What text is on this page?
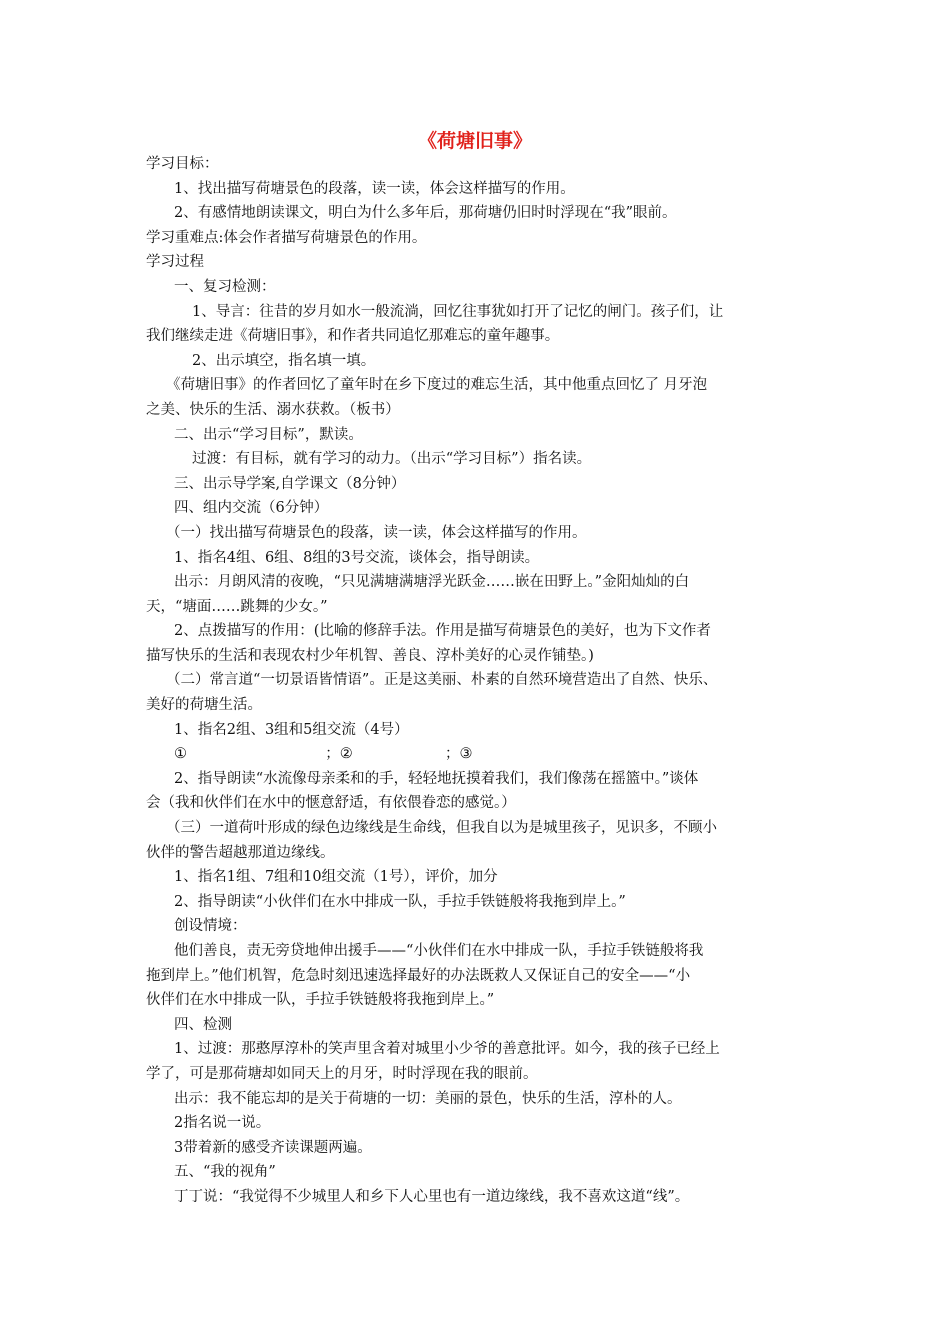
《荷塘旧事》
学习目标：
1、找出描写荷塘景色的段落，读一读，体会这样描写的作用。
2、有感情地朗读课文，明白为什么多年后，那荷塘仍旧时时浮现在“我”眼前。
学习重难点:体会作者描写荷塘景色的作用。
学习过程
一、复习检测：
1、导言：往昔的岁月如水一般流淌，回忆往事犹如打开了记忆的闸门。孩子们，让
我们继续走进《荷塘旧事》，和作者共同追忆那难忘的童年趣事。
2、出示填空，指名填一填。
《荷塘旧事》的作者回忆了童年时在乡下度过的难忘生活，其中他重点回忆了 月牙泡
之美、快乐的生活、溺水获救。（板书）
二、出示“学习目标”，默读。
过渡：有目标，就有学习的动力。（出示“学习目标”）指名读。
三、出示导学案,自学课文（8分钟）
四、组内交流（6分钟）
（一）找出描写荷塘景色的段落，读一读，体会这样描写的作用。
1、指名4组、6组、8组的3号交流，谈体会，指导朗读。
出示：月朗风清的夜晚，“只见满塘满塘浮光跃金……嵌在田野上。”金阳灿灿的白
天，“塘面……跳舞的少女。”
2、点拨描写的作用：(比喻的修辞手法。作用是描写荷塘景色的美好，也为下文作者
描写快乐的生活和表现农村少年机智、善良、淳朴美好的心灵作铺垫。)
（二）常言道“一切景语皆情语”。正是这美丽、朴素的自然环境营造出了自然、快乐、
美好的荷塘生活。
1、指名2组、3组和5组交流（4号）
①                              ；②                    ；③
2、指导朗读“水流像母亲柔和的手，轻轻地抚摸着我们，我们像荡在摇篮中。”谈体
会（我和伙伴们在水中的惬意舒适，有依偎眷恋的感觉。）
（三）一道荷叶形成的绿色边缘线是生命线，但我自以为是城里孩子，见识多，不顾小
伙伴的警告超越那道边缘线。
1、指名1组、7组和10组交流（1号），评价，加分
2、指导朗读“小伙伴们在水中排成一队，手拉手铁链般将我拖到岸上。”
创设情境：
他们善良，责无旁贷地伸出援手——“小伙伴们在水中排成一队，手拉手铁链般将我
拖到岸上。”他们机智，危急时刻迅速选择最好的办法既救人又保证自己的安全——“小
伙伴们在水中排成一队，手拉手铁链般将我拖到岸上。”
四、检测
1、过渡：那憨厚淳朴的笑声里含着对城里小少爷的善意批评。如今，我的孩子已经上
学了，可是那荷塘却如同天上的月牙，时时浮现在我的眼前。
出示：我不能忘却的是关于荷塘的一切：美丽的景色，快乐的生活，淳朴的人。
2指名说一说。
3带着新的感受齐读课题两遍。
五、“我的视角”
丁丁说：“我觉得不少城里人和乡下人心里也有一道边缘线，我不喜欢这道“线”。
